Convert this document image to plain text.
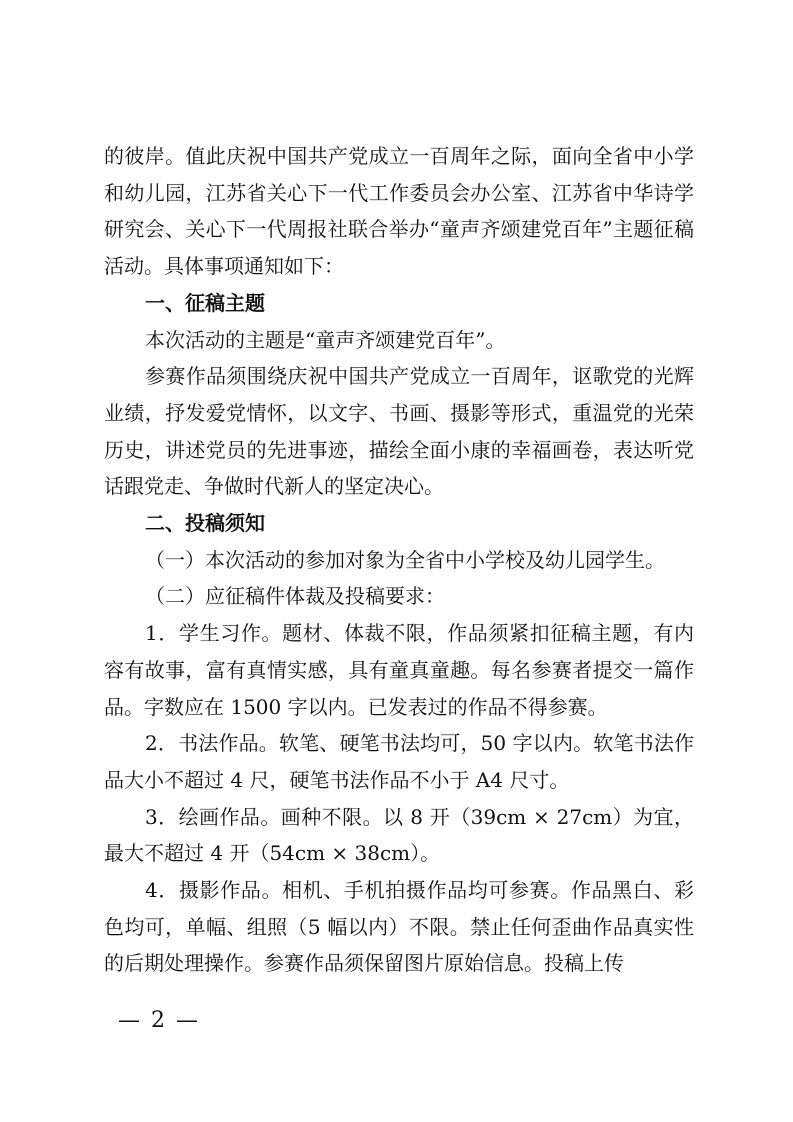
的彼岸。值此庆祝中国共产党成立一百周年之际，面向全省中小学和幼儿园，江苏省关心下一代工作委员会办公室、江苏省中华诗学研究会、关心下一代周报社联合举办“童声齐颂建党百年”主题征稿活动。具体事项通知如下：

一、征稿主题

本次活动的主题是“童声齐颂建党百年”。

参赛作品须围绕庆祝中国共产党成立一百周年，讴歌党的光辉业绩，抒发爱党情怀，以文字、书画、摄影等形式，重温党的光荣历史，讲述党员的先进事迹，描绘全面小康的幸福画卷，表达听党话跟党走、争做时代新人的坚定决心。

二、投稿须知

（一）本次活动的参加对象为全省中小学校及幼儿园学生。

（二）应征稿件体裁及投稿要求：

1．学生习作。题材、体裁不限，作品须紧扣征稿主题，有内容有故事，富有真情实感，具有童真童趣。每名参赛者提交一篇作品。字数应在 1500 字以内。已发表过的作品不得参赛。

2．书法作品。软笔、硬笔书法均可，50 字以内。软笔书法作品大小不超过 4 尺，硬笔书法作品不小于 A4 尺寸。

3．绘画作品。画种不限。以 8 开（39cm × 27cm）为宜，最大不超过 4 开（54cm × 38cm）。

4．摄影作品。相机、手机拍摄作品均可参赛。作品黑白、彩色均可，单幅、组照（5 幅以内）不限。禁止任何歪曲作品真实性的后期处理操作。参赛作品须保留图片原始信息。投稿上传

— 2 —
